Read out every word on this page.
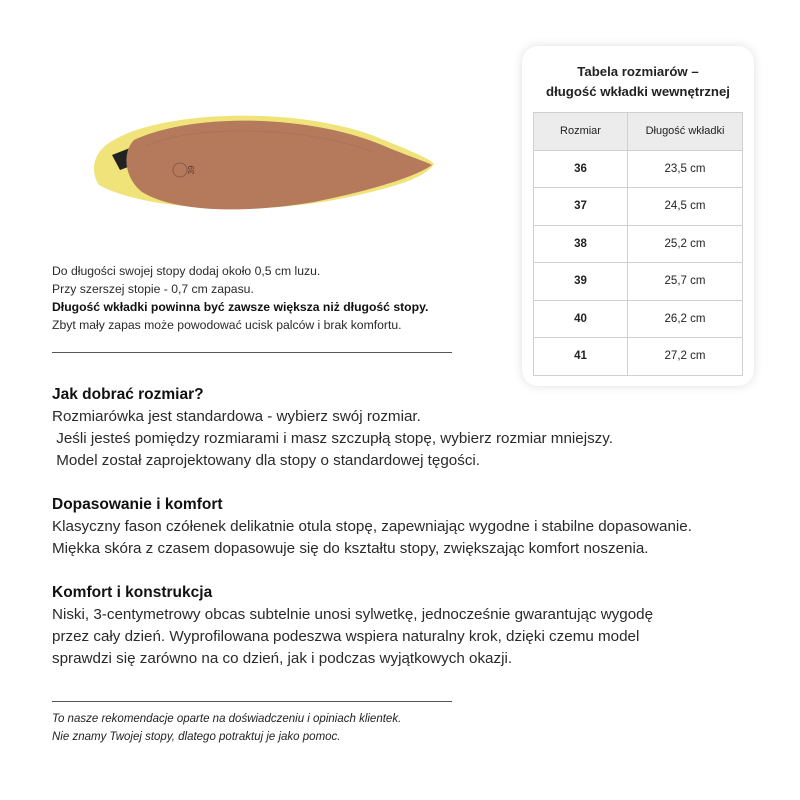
39
Do długości swojej stopy dodaj około 0,5 cm luzu.
Przy szerszej stopie - 0,7 cm zapasu.
Długość wkładki powinna być zawsze większa niż długość stopy.
Zbyt mały zapas może powodować ucisk palców i brak komfortu.
Tabela rozmiarów –
długość wkładki wewnętrznej
Rozmiar	Długość wkładki
36	23,5 cm
37	24,5 cm
38	25,2 cm
39	25,7 cm
40	26,2 cm
41	27,2 cm
Jak dobrać rozmiar?

Rozmiarówka jest standardowa - wybierz swój rozmiar.

Jeśli jesteś pomiędzy rozmiarami i masz szczupłą stopę, wybierz rozmiar mniejszy.

Model został zaprojektowany dla stopy o standardowej tęgości.

Dopasowanie i komfort

Klasyczny fason czółenek delikatnie otula stopę, zapewniając wygodne i stabilne dopasowanie.

Miękka skóra z czasem dopasowuje się do kształtu stopy, zwiększając komfort noszenia.

Komfort i konstrukcja

Niski, 3-centymetrowy obcas subtelnie unosi sylwetkę, jednocześnie gwarantując wygodę

przez cały dzień. Wyprofilowana podeszwa wspiera naturalny krok, dzięki czemu model

sprawdzi się zarówno na co dzień, jak i podczas wyjątkowych okazji.

To nasze rekomendacje oparte na doświadczeniu i opiniach klientek.
Nie znamy Twojej stopy, dlatego potraktuj je jako pomoc.
